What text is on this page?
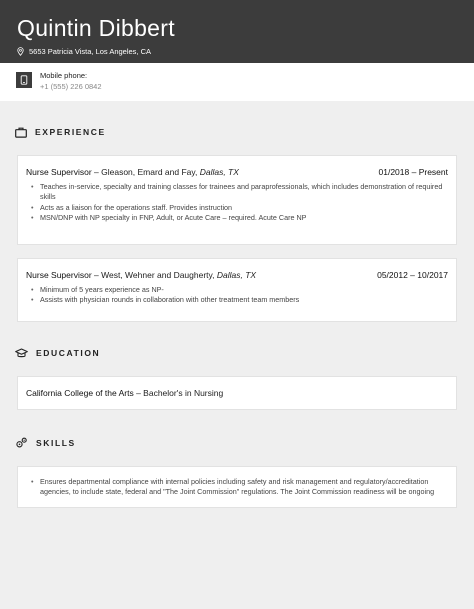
Quintin Dibbert
5653 Patricia Vista, Los Angeles, CA
Mobile phone:
+1 (555) 226 0842
EXPERIENCE
Nurse Supervisor – Gleason, Emard and Fay, Dallas, TX	01/2018 – Present
• Teaches in-service, specialty and training classes for trainees and paraprofessionals, which includes demonstration of required skills
• Acts as a liaison for the operations staff. Provides instruction
• MSN/DNP with NP specialty in FNP, Adult, or Acute Care – required. Acute Care NP
Nurse Supervisor – West, Wehner and Daugherty, Dallas, TX	05/2012 – 10/2017
• Minimum of 5 years experience as NP-
• Assists with physician rounds in collaboration with other treatment team members
EDUCATION
California College of the Arts – Bachelor's in Nursing
SKILLS
• Ensures departmental compliance with internal policies including safety and risk management and regulatory/accreditation agencies, to include state, federal and "The Joint Commission" regulations. The Joint Commission readiness will be ongoing
